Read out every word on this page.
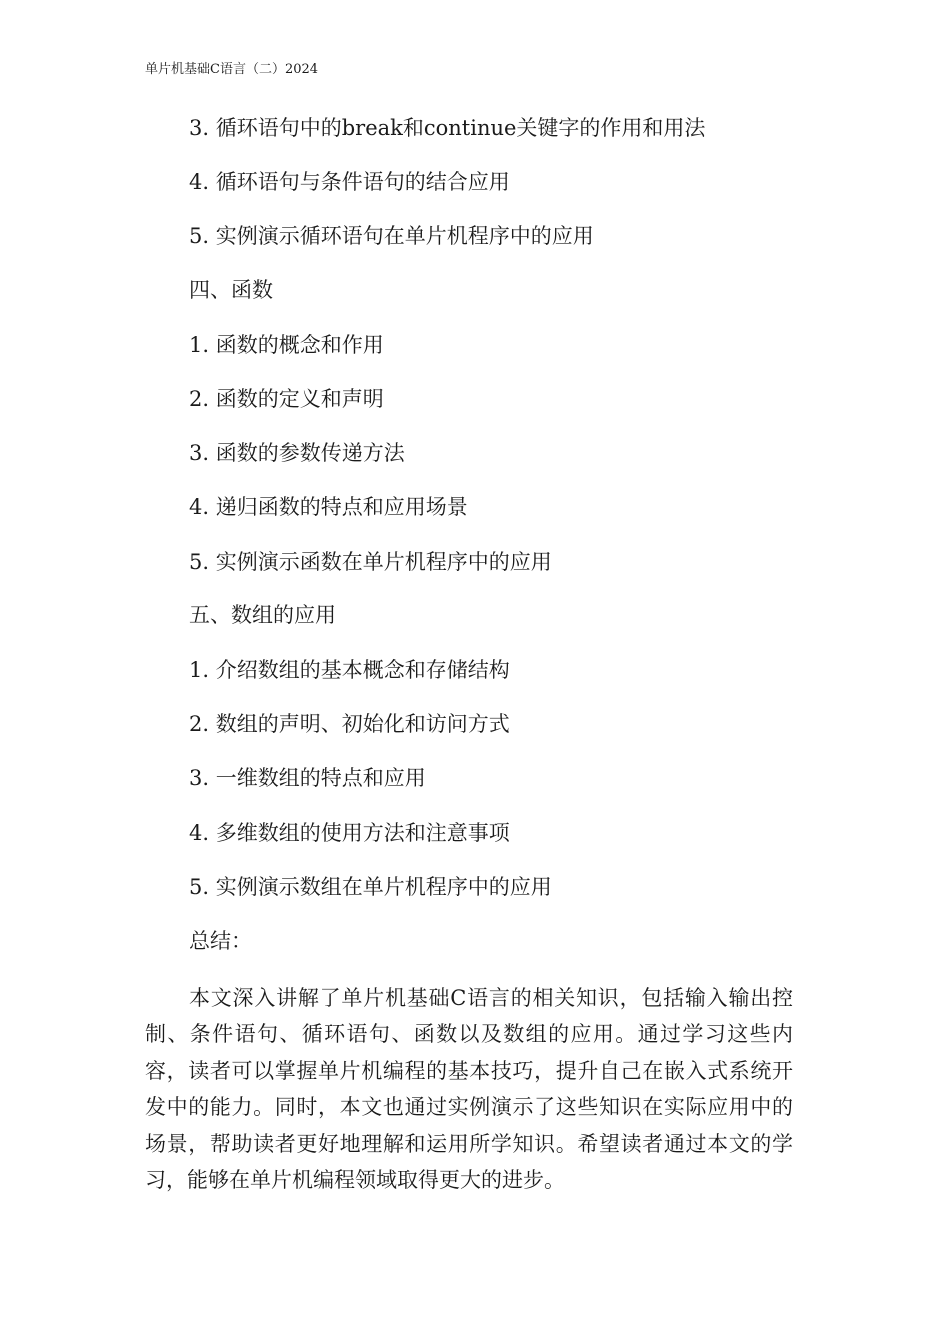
单片机基础C语言（二）2024
3. 循环语句中的break和continue关键字的作用和用法
4. 循环语句与条件语句的结合应用
5. 实例演示循环语句在单片机程序中的应用
四、函数
1. 函数的概念和作用
2. 函数的定义和声明
3. 函数的参数传递方法
4. 递归函数的特点和应用场景
5. 实例演示函数在单片机程序中的应用
五、数组的应用
1. 介绍数组的基本概念和存储结构
2. 数组的声明、初始化和访问方式
3. 一维数组的特点和应用
4. 多维数组的使用方法和注意事项
5. 实例演示数组在单片机程序中的应用
总结：
本文深入讲解了单片机基础C语言的相关知识，包括输入输出控制、条件语句、循环语句、函数以及数组的应用。通过学习这些内容，读者可以掌握单片机编程的基本技巧，提升自己在嵌入式系统开发中的能力。同时，本文也通过实例演示了这些知识在实际应用中的场景，帮助读者更好地理解和运用所学知识。希望读者通过本文的学习，能够在单片机编程领域取得更大的进步。
